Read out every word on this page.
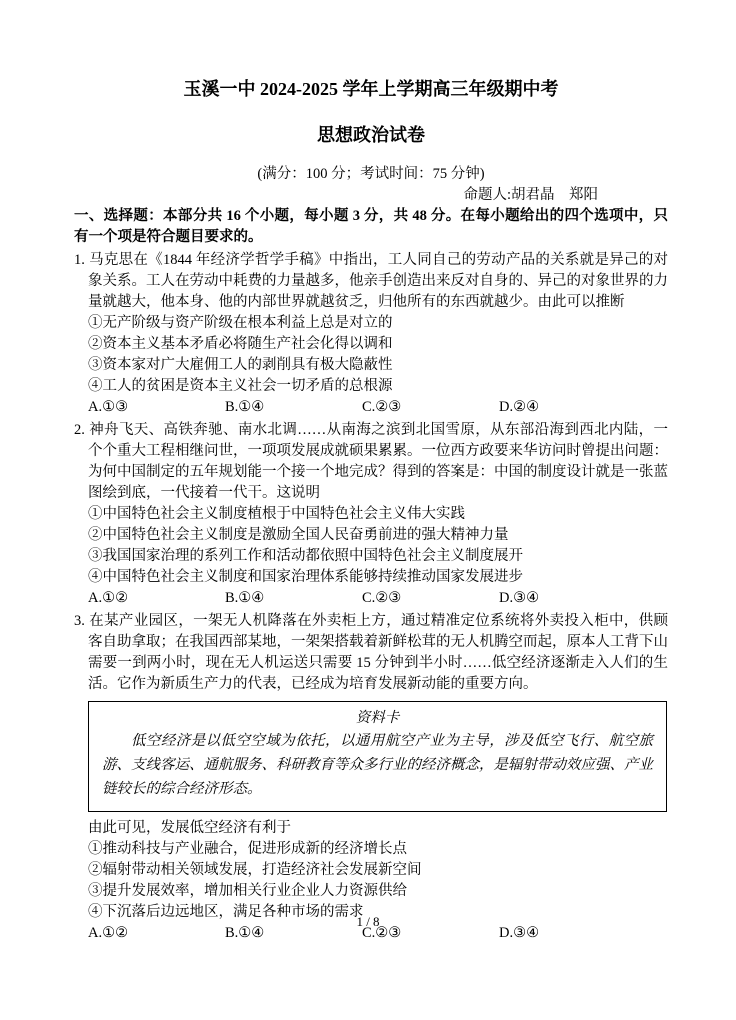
玉溪一中 2024-2025 学年上学期高三年级期中考
思想政治试卷
(满分：100 分；考试时间：75 分钟)
命题人:胡君晶　郑阳
一、选择题：本部分共 16 个小题，每小题 3 分，共 48 分。在每小题给出的四个选项中，只有一个项是符合题目要求的。
1. 马克思在《1844 年经济学哲学手稿》中指出，工人同自己的劳动产品的关系就是异己的对象关系。工人在劳动中耗费的力量越多，他亲手创造出来反对自身的、异己的对象世界的力量就越大，他本身、他的内部世界就越贫乏，归他所有的东西就越少。由此可以推断
①无产阶级与资产阶级在根本利益上总是对立的
②资本主义基本矛盾必将随生产社会化得以调和
③资本家对广大雇佣工人的剥削具有极大隐蔽性
④工人的贫困是资本主义社会一切矛盾的总根源
A.①③	B.①④	C.②③	D.②④
2. 神舟飞天、高铁奔驰、南水北调……从南海之滨到北国雪原，从东部沿海到西北内陆，一个个重大工程相继问世，一项项发展成就硕果累累。一位西方政要来华访问时曾提出问题：为何中国制定的五年规划能一个接一个地完成？得到的答案是：中国的制度设计就是一张蓝图绘到底，一代接着一代干。这说明
①中国特色社会主义制度植根于中国特色社会主义伟大实践
②中国特色社会主义制度是激励全国人民奋勇前进的强大精神力量
③我国国家治理的系列工作和活动都依照中国特色社会主义制度展开
④中国特色社会主义制度和国家治理体系能够持续推动国家发展进步
A.①②	B.①④	C.②③	D.③④
3. 在某产业园区，一架无人机降落在外卖柜上方，通过精准定位系统将外卖投入柜中，供顾客自助拿取；在我国西部某地，一架架搭载着新鲜松茸的无人机腾空而起，原本人工背下山需要一到两小时，现在无人机运送只需要 15 分钟到半小时……低空经济逐渐走入人们的生活。它作为新质生产力的代表，已经成为培育发展新动能的重要方向。
资料卡
低空经济是以低空空域为依托，以通用航空产业为主导，涉及低空飞行、航空旅游、支线客运、通航服务、科研教育等众多行业的经济概念，是辐射带动效应强、产业链较长的综合经济形态。
由此可见，发展低空经济有利于
①推动科技与产业融合，促进形成新的经济增长点
②辐射带动相关领域发展，打造经济社会发展新空间
③提升发展效率，增加相关行业企业人力资源供给
④下沉落后边远地区，满足各种市场的需求
A.①②	B.①④	C.②③	D.③④
1 / 8
